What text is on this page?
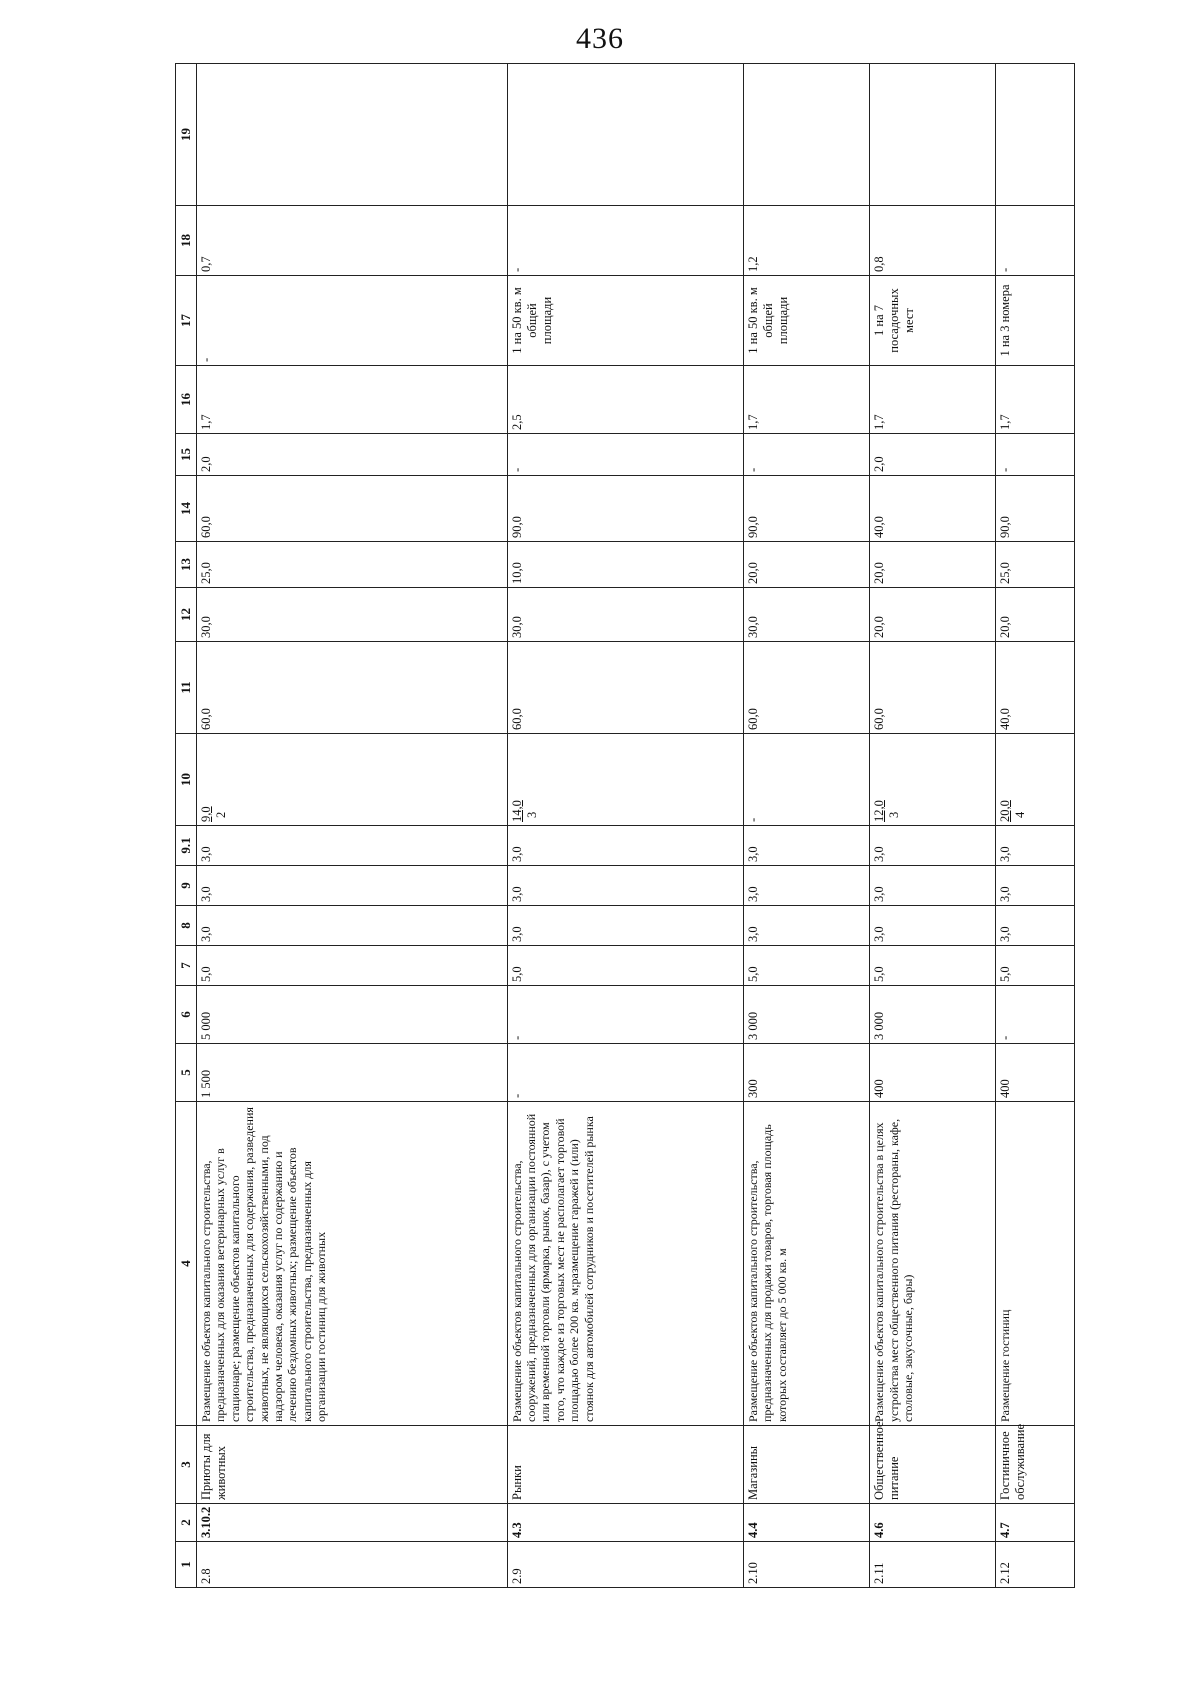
436
1	2	3	4	5	6	7	8	9	9.1	10	11	12	13	14	15	16	17	18	19
2.8	3.10.2	Приюты для животных	Размещение объектов капитального строительства, предназначенных для оказания ветеринарных услуг в стационаре; размещение объектов капитального строительства, предназначенных для содержания, разведения животных, не являющихся сельскохозяйственными, под надзором человека, оказания услуг по содержанию и лечению бездомных животных; размещение объектов капитального строительства, предназначенных для организации гостиниц для животных	1 500	5 000	5,0	3,0	3,0	3,0	9,0 2	60,0	30,0	25,0	60,0	2,0	1,7	-	0,7	
2.9	4.3	Рынки	Размещение объектов капитального строительства, сооружений, предназначенных для организации постоянной или временной торговли (ярмарка, рынок, базар), с учетом того, что каждое из торговых мест не располагает торговой площадью более 200 кв. м;размещение гаражей и (или) стоянок для автомобилей сотрудников и посетителей рынка	-	-	5,0	3,0	3,0	3,0	14,0 3	60,0	30,0	10,0	90,0	-	2,5	1 на 50 кв. м общей площади	-	
2.10	4.4	Магазины	Размещение объектов капитального строительства, предназначенных для продажи товаров, торговая площадь которых составляет до 5 000 кв. м	300	3 000	5,0	3,0	3,0	3,0	-	60,0	30,0	20,0	90,0	-	1,7	1 на 50 кв. м общей площади	1,2	
2.11	4.6	Общественное питание	Размещение объектов капитального строительства в целях устройства мест общественного питания (рестораны, кафе, столовые, закусочные, бары)	400	3 000	5,0	3,0	3,0	3,0	12,0 3	60,0	20,0	20,0	40,0	2,0	1,7	1 на 7 посадочных мест	0,8	
2.12	4.7	Гостиничное обслуживание	Размещение гостиниц	400	-	5,0	3,0	3,0	3,0	20,0 4	40,0	20,0	25,0	90,0	-	1,7	1 на 3 номера	-	
